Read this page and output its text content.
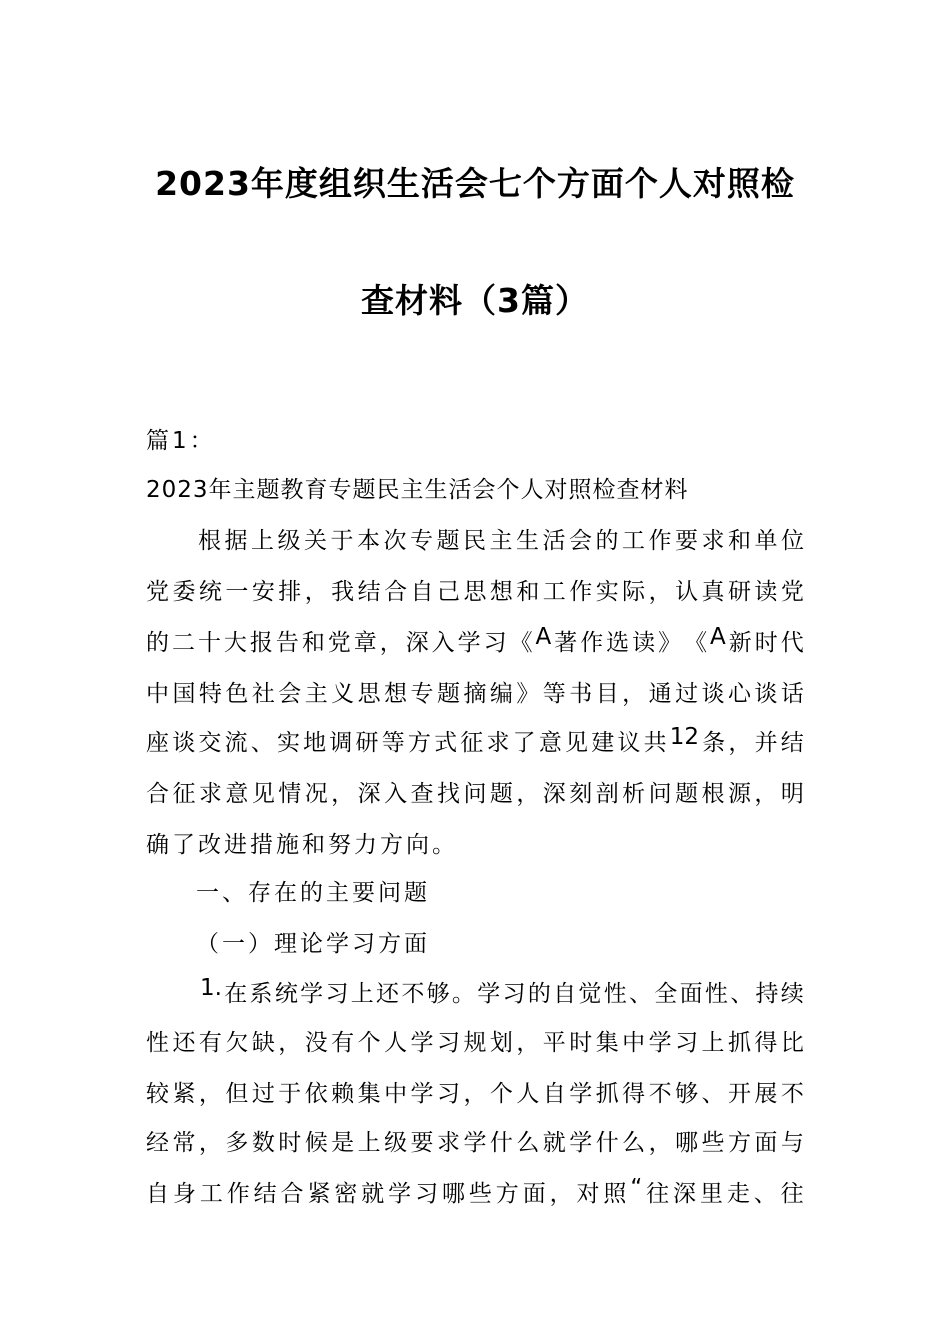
2023年度组织生活会七个方面个人对照检
查材料（3篇）
篇1：
2023年主题教育专题民主生活会个人对照检查材料
根 据 上 级 关 于 本 次 专 题 民 主 生 活 会 的 工 作 要 求 和 单 位
党 委 统 一 安 排 ， 我 结 合 自 己 思 想 和 工 作 实 际 ， 认 真 研 读 党
的 二 十 大 报 告 和 党 章 ， 深 入 学 习 《 A 著 作 选 读 》 《 A 新 时 代
中 国 特 色 社 会 主 义 思 想 专 题 摘 编 》 等 书 目 ， 通 过 谈 心 谈 话
座 谈 交 流 、 实 地 调 研 等 方 式 征 求 了 意 见 建 议 共 12 条 ， 并 结
合 征 求 意 见 情 况 ， 深 入 查 找 问 题 ， 深 刻 剖 析 问 题 根 源 ， 明
确了改进措施和努力方向。
一、存在的主要问题
（一）理论学习方面
1. 在 系 统 学 习 上 还 不 够 。 学 习 的 自 觉 性 、 全 面 性 、 持 续
性 还 有 欠 缺 ， 没 有 个 人 学 习 规 划 ， 平 时 集 中 学 习 上 抓 得 比
较 紧 ， 但 过 于 依 赖 集 中 学 习 ， 个 人 自 学 抓 得 不 够 、 开 展 不
经 常 ， 多 数 时 候 是 上 级 要 求 学 什 么 就 学 什 么 ， 哪 些 方 面 与
自 身 工 作 结 合 紧 密 就 学 习 哪 些 方 面 ， 对 照 “ 往 深 里 走 、 往
